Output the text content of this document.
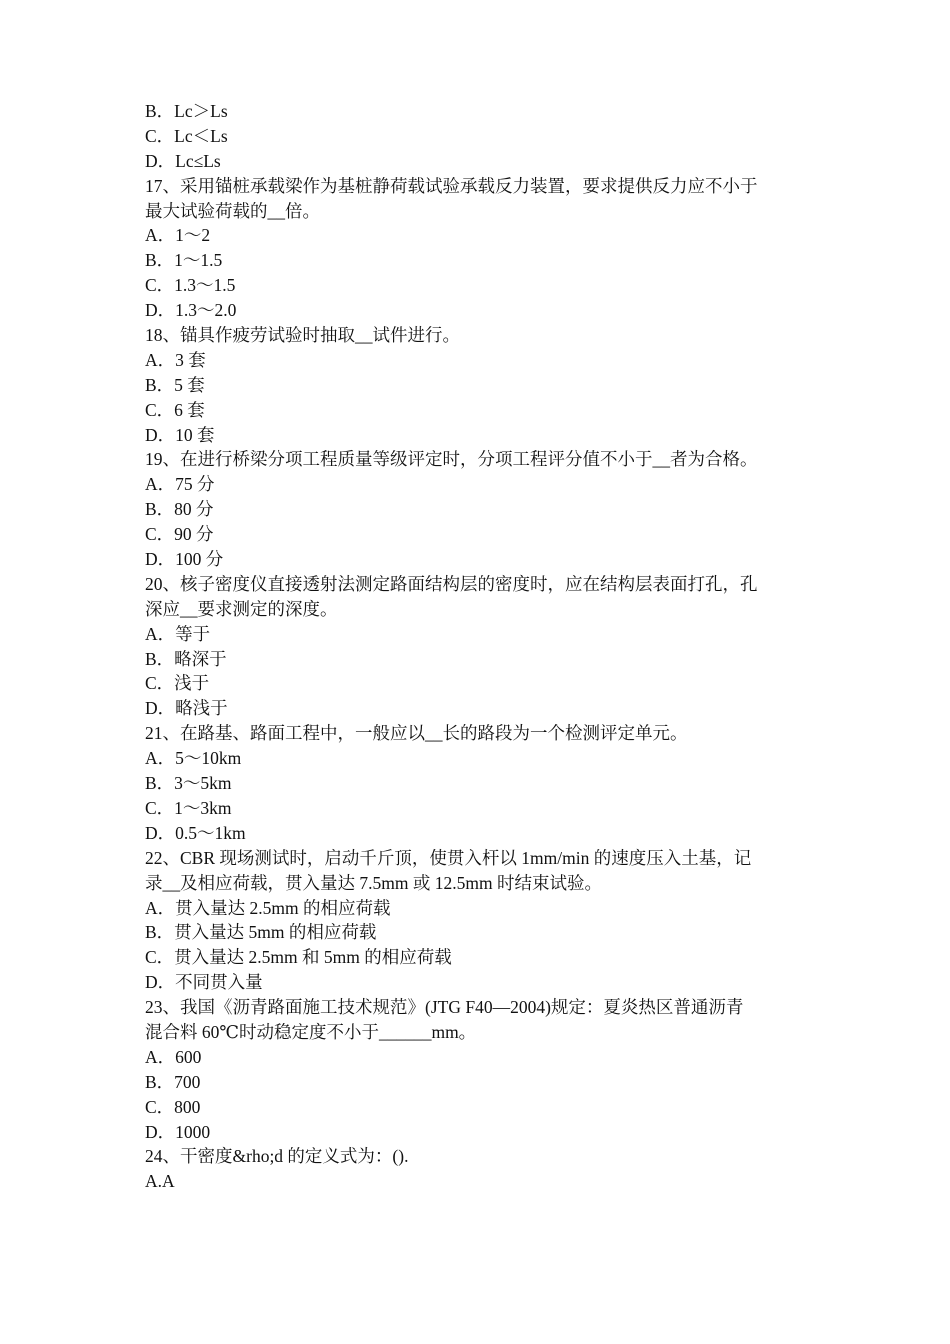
B．Lc＞Ls
C．Lc＜Ls
D．Lc≤Ls
17、采用锚桩承载梁作为基桩静荷载试验承载反力装置，要求提供反力应不小于
最大试验荷载的__倍。
A．1～2
B．1～1.5
C．1.3～1.5
D．1.3～2.0
18、锚具作疲劳试验时抽取__试件进行。
A．3 套
B．5 套
C．6 套
D．10 套
19、在进行桥梁分项工程质量等级评定时，分项工程评分值不小于__者为合格。
A．75 分
B．80 分
C．90 分
D．100 分
20、核子密度仪直接透射法测定路面结构层的密度时，应在结构层表面打孔，孔
深应__要求测定的深度。
A．等于
B．略深于
C．浅于
D．略浅于
21、在路基、路面工程中，一般应以__长的路段为一个检测评定单元。
A．5～10km
B．3～5km
C．1～3km
D．0.5～1km
22、CBR 现场测试时，启动千斤顶，使贯入杆以 1mm/min 的速度压入土基，记
录__及相应荷载，贯入量达 7.5mm 或 12.5mm 时结束试验。
A．贯入量达 2.5mm 的相应荷载
B．贯入量达 5mm 的相应荷载
C．贯入量达 2.5mm 和 5mm 的相应荷载
D．不同贯入量
23、我国《沥青路面施工技术规范》(JTG F40—2004)规定：夏炎热区普通沥青
混合料 60℃时动稳定度不小于______mm。
A．600
B．700
C．800
D．1000
24、干密度&rho;d 的定义式为：().
A.A
